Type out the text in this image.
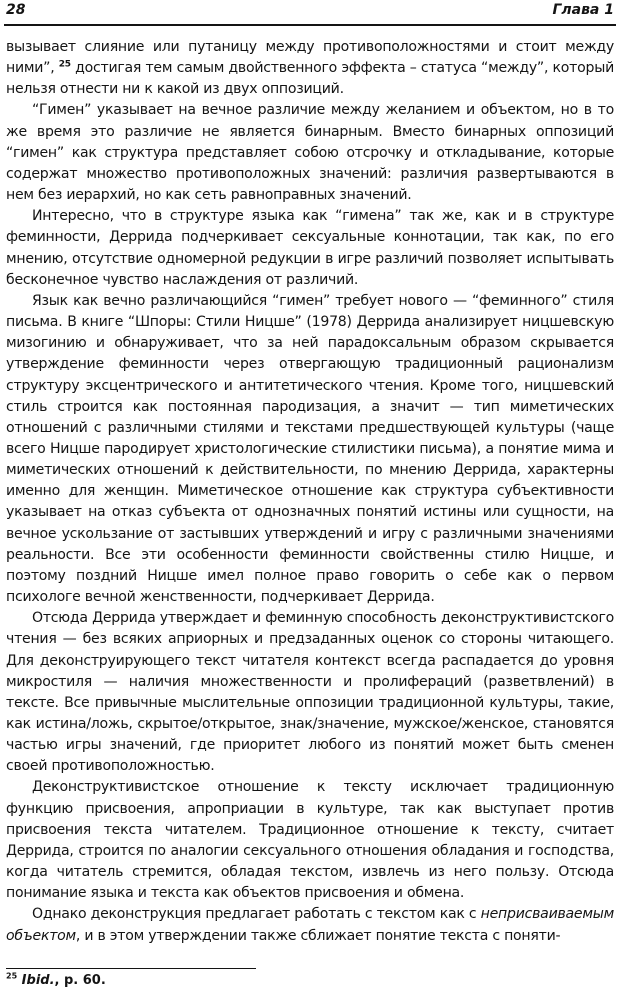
28	Глава 1

вызывает слияние или путаницу между противоположностями и стоит между ними”, $^{25}$ достигая тем самым двойственного эффекта – статуса “между”, который нельзя отнести ни к какой из двух оппозиций.

“Гимен” указывает на вечное различие между желанием и объектом, но в то же время это различие не является бинарным. Вместо бинарных оппозиций “гимен” как структура представляет собою отсрочку и откладывание, которые содержат множество противоположных значений: различия развертываются в нем без иерархий, но как сеть равноправных значений.

Интересно, что в структуре языка как “гимена” так же, как и в структуре феминности, Деррида подчеркивает сексуальные коннотации, так как, по его мнению, отсутствие одномерной редукции в игре различий позволяет испытывать бесконечное чувство наслаждения от различий.

Язык как вечно различающийся “гимен” требует нового — “феминного” стиля письма. В книге “Шпоры: Стили Ницше” (1978) Деррида анализирует ницшевскую мизогинию и обнаруживает, что за ней парадоксальным образом скрывается утверждение феминности через отвергающую традиционный рационализм структуру эксцентрического и антитетического чтения. Кроме того, ницшевский стиль строится как постоянная пародизация, а значит — тип миметических отношений с различными стилями и текстами предшествующей культуры (чаще всего Ницше пародирует христологические стилистики письма), а понятие мима и миметических отношений к действительности, по мнению Деррида, характерны именно для женщин. Миметическое отношение как структура субъективности указывает на отказ субъекта от однозначных понятий истины или сущности, на вечное ускользание от застывших утверждений и игру с различными значениями реальности. Все эти особенности феминности свойственны стилю Ницше, и поэтому поздний Ницше имел полное право говорить о себе как о первом психологе вечной женственности, подчеркивает Деррида.

Отсюда Деррида утверждает и феминную способность деконструктивистского чтения — без всяких априорных и предзаданных оценок со стороны читающего. Для деконструирующего текст читателя контекст всегда распадается до уровня микростиля — наличия множественности и пролифераций (разветвлений) в тексте. Все привычные мыслительные оппозиции традиционной культуры, такие, как истина/ложь, скрытое/открытое, знак/значение, мужское/женское, становятся частью игры значений, где приоритет любого из понятий может быть сменен своей противоположностью.

Деконструктивистское отношение к тексту исключает традиционную функцию присвоения, апроприации в культуре, так как выступает против присвоения текста читателем. Традиционное отношение к тексту, считает Деррида, строится по аналогии сексуального отношения обладания и господства, когда читатель стремится, обладая текстом, извлечь из него пользу. Отсюда понимание языка и текста как объектов присвоения и обмена.

Однако деконструкция предлагает работать с текстом как с неприсваиваемым объектом, и в этом утверждении также сближает понятие текста с поняти-

$^{25}$ Ibid., p. 60.
